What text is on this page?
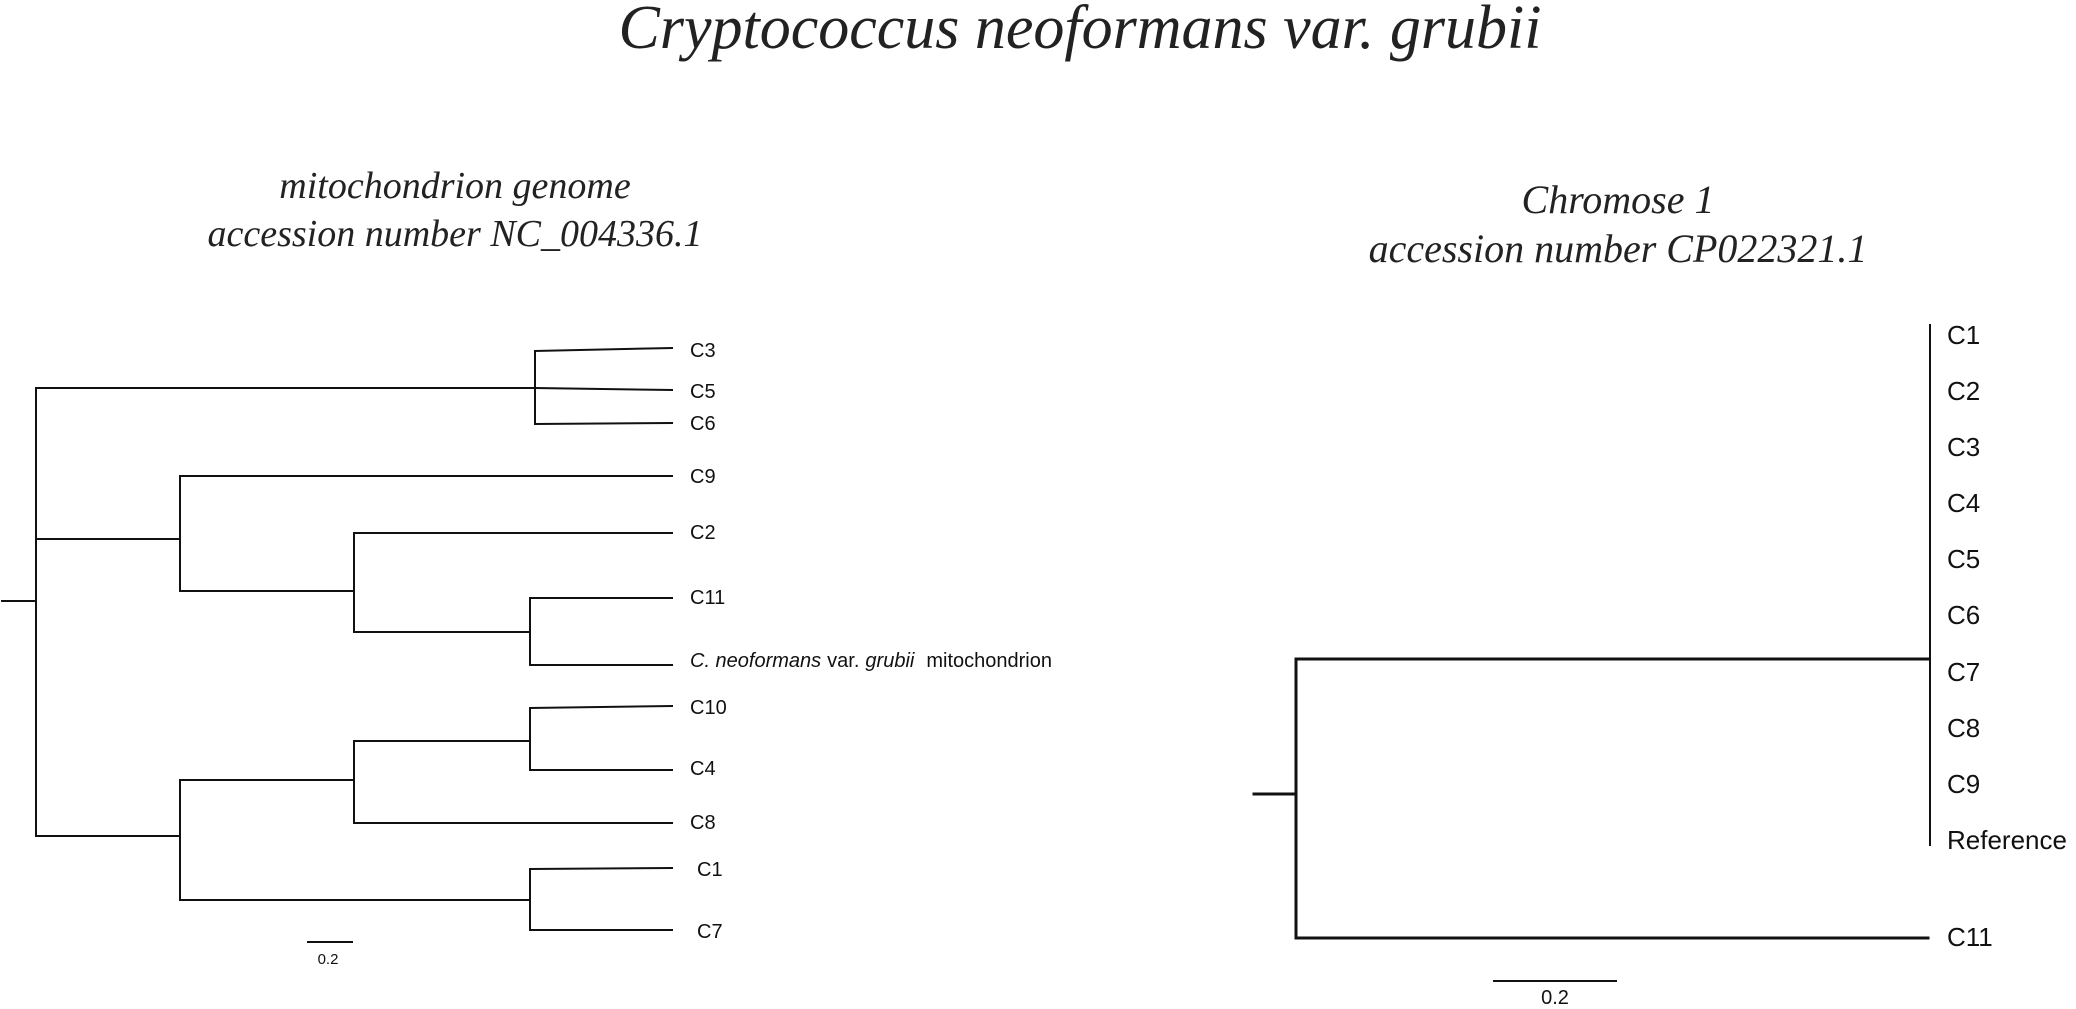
Cryptococcus neoformans var. grubii
mitochondrion genome
accession number NC_004336.1
C3
C5
C6
C9
C2
C11
C. neoformans var. grubii mitochondrion
C10
C4
C8
C1
C7
0.2
Chromose 1
accession number CP022321.1
C1
C2
C3
C4
C5
C6
C7
C8
C9
Reference
C11
0.2
